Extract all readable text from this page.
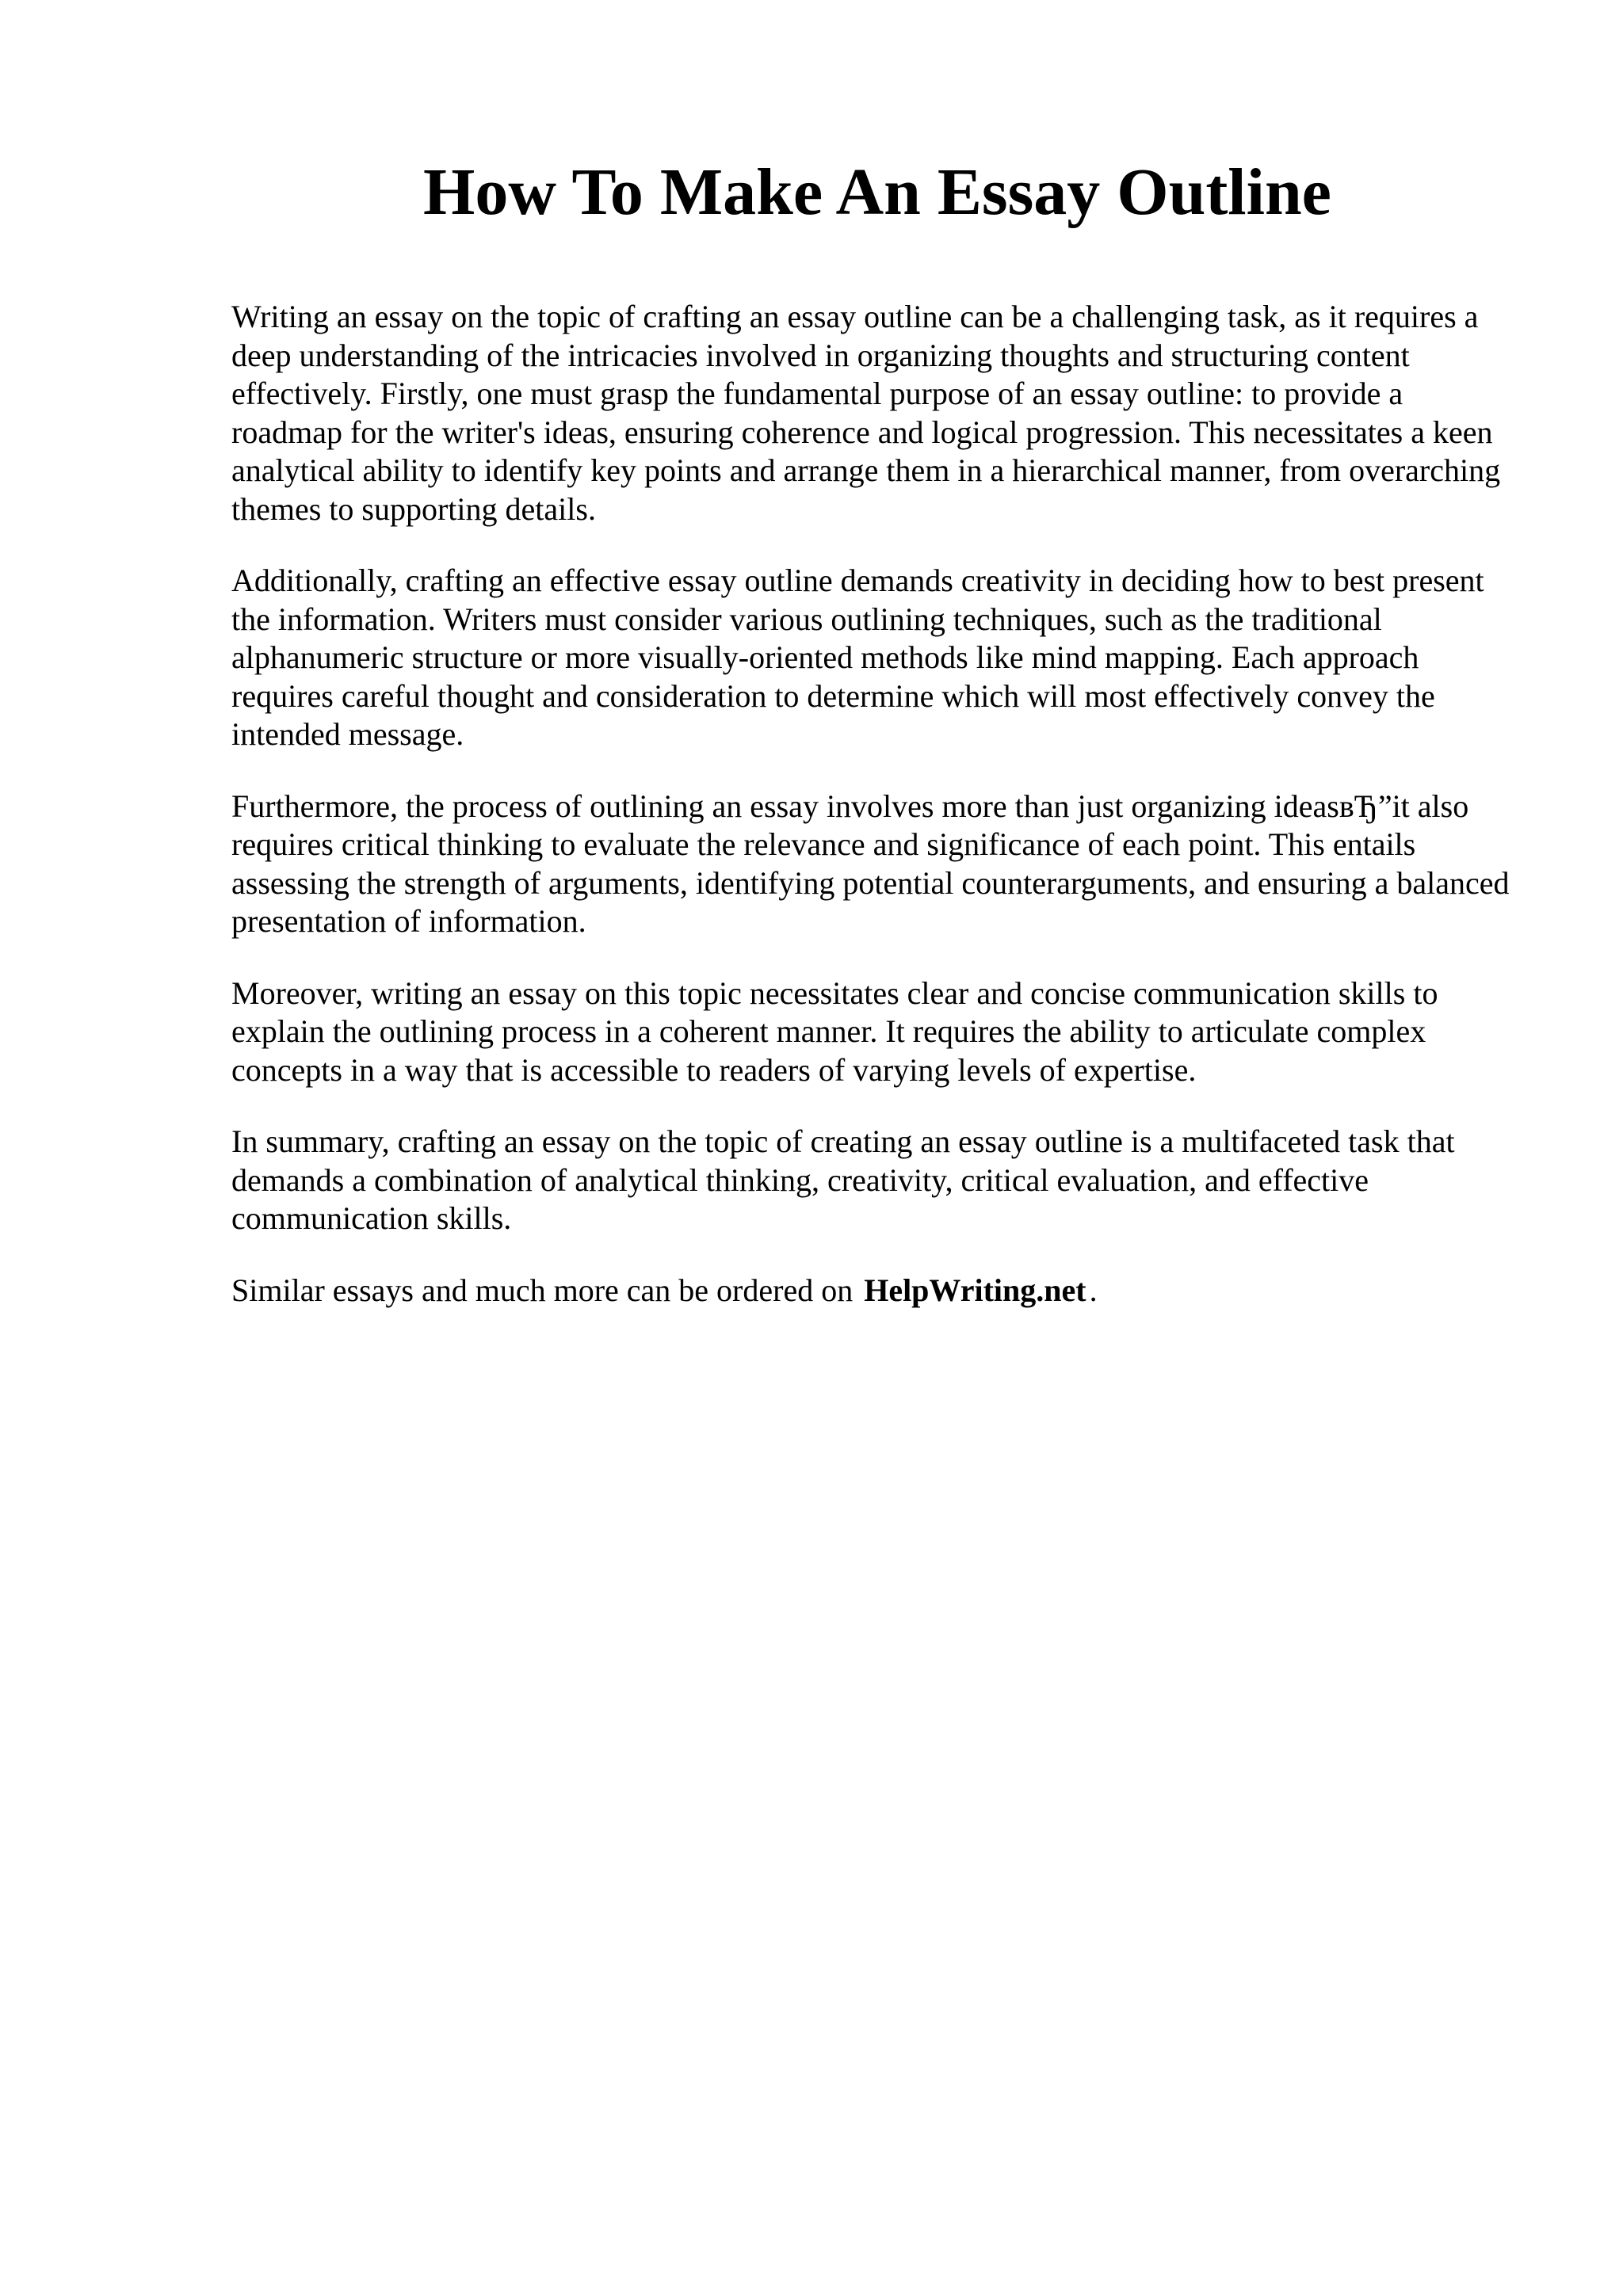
How To Make An Essay Outline

Writing an essay on the topic of crafting an essay outline can be a challenging task, as it requires a deep understanding of the intricacies involved in organizing thoughts and structuring content effectively. Firstly, one must grasp the fundamental purpose of an essay outline: to provide a roadmap for the writer's ideas, ensuring coherence and logical progression. This necessitates a keen analytical ability to identify key points and arrange them in a hierarchical manner, from overarching themes to supporting details.

Additionally, crafting an effective essay outline demands creativity in deciding how to best present the information. Writers must consider various outlining techniques, such as the traditional alphanumeric structure or more visually-oriented methods like mind mapping. Each approach requires careful thought and consideration to determine which will most effectively convey the intended message.

Furthermore, the process of outlining an essay involves more than just organizing ideasвЂ”it also requires critical thinking to evaluate the relevance and significance of each point. This entails assessing the strength of arguments, identifying potential counterarguments, and ensuring a balanced presentation of information.

Moreover, writing an essay on this topic necessitates clear and concise communication skills to explain the outlining process in a coherent manner. It requires the ability to articulate complex concepts in a way that is accessible to readers of varying levels of expertise.

In summary, crafting an essay on the topic of creating an essay outline is a multifaceted task that demands a combination of analytical thinking, creativity, critical evaluation, and effective communication skills.

Similar essays and much more can be ordered on HelpWriting.net .
